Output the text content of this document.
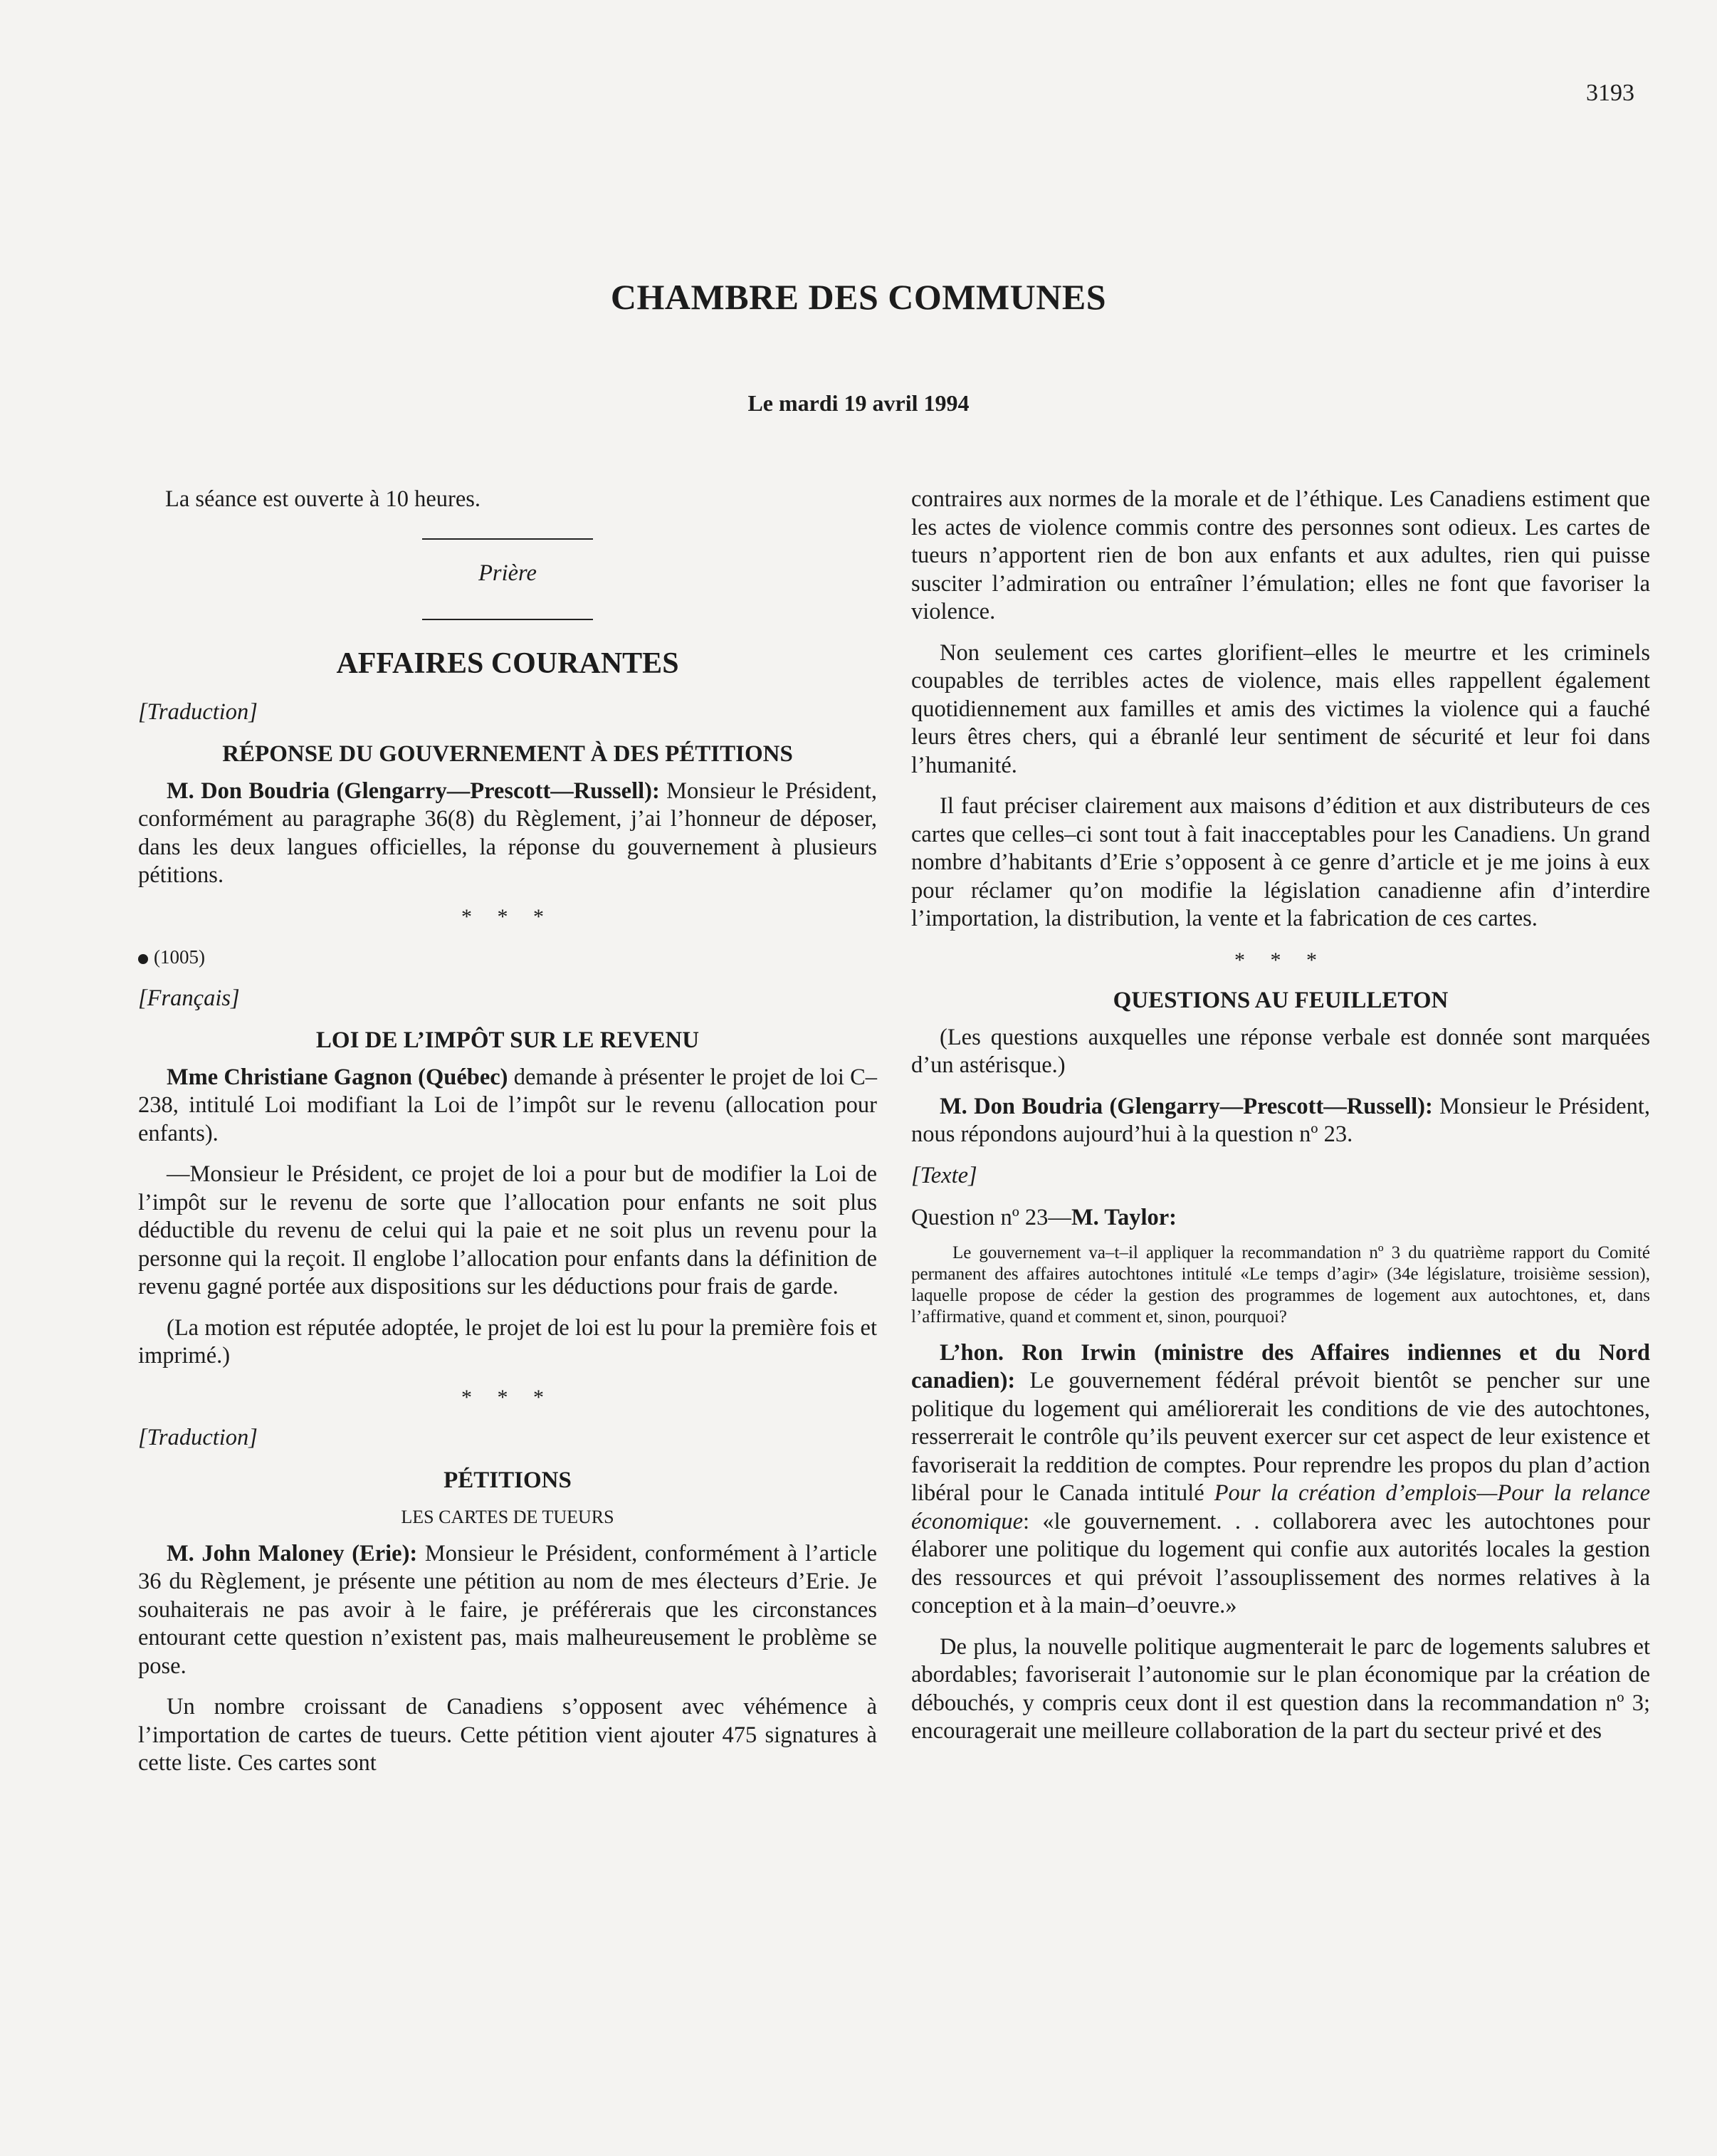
3193
CHAMBRE DES COMMUNES
Le mardi 19 avril 1994

La séance est ouverte à 10 heures.

Prière
AFFAIRES COURANTES
[Traduction]
RÉPONSE DU GOUVERNEMENT À DES PÉTITIONS

M. Don Boudria (Glengarry—Prescott—Russell): Monsieur le Président, conformément au paragraphe 36(8) du Règlement, j’ai l’honneur de déposer, dans les deux langues officielles, la réponse du gouvernement à plusieurs pétitions.

* * *
(1005)
[Français]
LOI DE L’IMPÔT SUR LE REVENU

Mme Christiane Gagnon (Québec) demande à présenter le projet de loi C–238, intitulé Loi modifiant la Loi de l’impôt sur le revenu (allocation pour enfants).

—Monsieur le Président, ce projet de loi a pour but de modifier la Loi de l’impôt sur le revenu de sorte que l’allocation pour enfants ne soit plus déductible du revenu de celui qui la paie et ne soit plus un revenu pour la personne qui la reçoit. Il englobe l’allocation pour enfants dans la définition de revenu gagné portée aux dispositions sur les déductions pour frais de garde.

(La motion est réputée adoptée, le projet de loi est lu pour la première fois et imprimé.)

* * *
[Traduction]
PÉTITIONS
LES CARTES DE TUEURS

M. John Maloney (Erie): Monsieur le Président, conformément à l’article 36 du Règlement, je présente une pétition au nom de mes électeurs d’Erie. Je souhaiterais ne pas avoir à le faire, je préférerais que les circonstances entourant cette question n’existent pas, mais malheureusement le problème se pose.

Un nombre croissant de Canadiens s’opposent avec véhémence à l’importation de cartes de tueurs. Cette pétition vient ajouter 475 signatures à cette liste. Ces cartes sont

contraires aux normes de la morale et de l’éthique. Les Canadiens estiment que les actes de violence commis contre des personnes sont odieux. Les cartes de tueurs n’apportent rien de bon aux enfants et aux adultes, rien qui puisse susciter l’admiration ou entraîner l’émulation; elles ne font que favoriser la violence.

Non seulement ces cartes glorifient–elles le meurtre et les criminels coupables de terribles actes de violence, mais elles rappellent également quotidiennement aux familles et amis des victimes la violence qui a fauché leurs êtres chers, qui a ébranlé leur sentiment de sécurité et leur foi dans l’humanité.

Il faut préciser clairement aux maisons d’édition et aux distributeurs de ces cartes que celles–ci sont tout à fait inacceptables pour les Canadiens. Un grand nombre d’habitants d’Erie s’opposent à ce genre d’article et je me joins à eux pour réclamer qu’on modifie la législation canadienne afin d’interdire l’importation, la distribution, la vente et la fabrication de ces cartes.

* * *
QUESTIONS AU FEUILLETON

(Les questions auxquelles une réponse verbale est donnée sont marquées d’un astérisque.)

M. Don Boudria (Glengarry—Prescott—Russell): Monsieur le Président, nous répondons aujourd’hui à la question nº 23.

[Texte]

Question nº 23—M. Taylor:

Le gouvernement va–t–il appliquer la recommandation nº 3 du quatrième rapport du Comité permanent des affaires autochtones intitulé «Le temps d’agir» (34e législature, troisième session), laquelle propose de céder la gestion des programmes de logement aux autochtones, et, dans l’affirmative, quand et comment et, sinon, pourquoi?

L’hon. Ron Irwin (ministre des Affaires indiennes et du Nord canadien): Le gouvernement fédéral prévoit bientôt se pencher sur une politique du logement qui améliorerait les conditions de vie des autochtones, resserrerait le contrôle qu’ils peuvent exercer sur cet aspect de leur existence et favoriserait la reddition de comptes. Pour reprendre les propos du plan d’action libéral pour le Canada intitulé Pour la création d’emplois—Pour la relance économique: «le gouvernement. . . collaborera avec les autochtones pour élaborer une politique du logement qui confie aux autorités locales la gestion des ressources et qui prévoit l’assouplissement des normes relatives à la conception et à la main–d’oeuvre.»

De plus, la nouvelle politique augmenterait le parc de logements salubres et abordables; favoriserait l’autonomie sur le plan économique par la création de débouchés, y compris ceux dont il est question dans la recommandation nº 3; encouragerait une meilleure collaboration de la part du secteur privé et des
